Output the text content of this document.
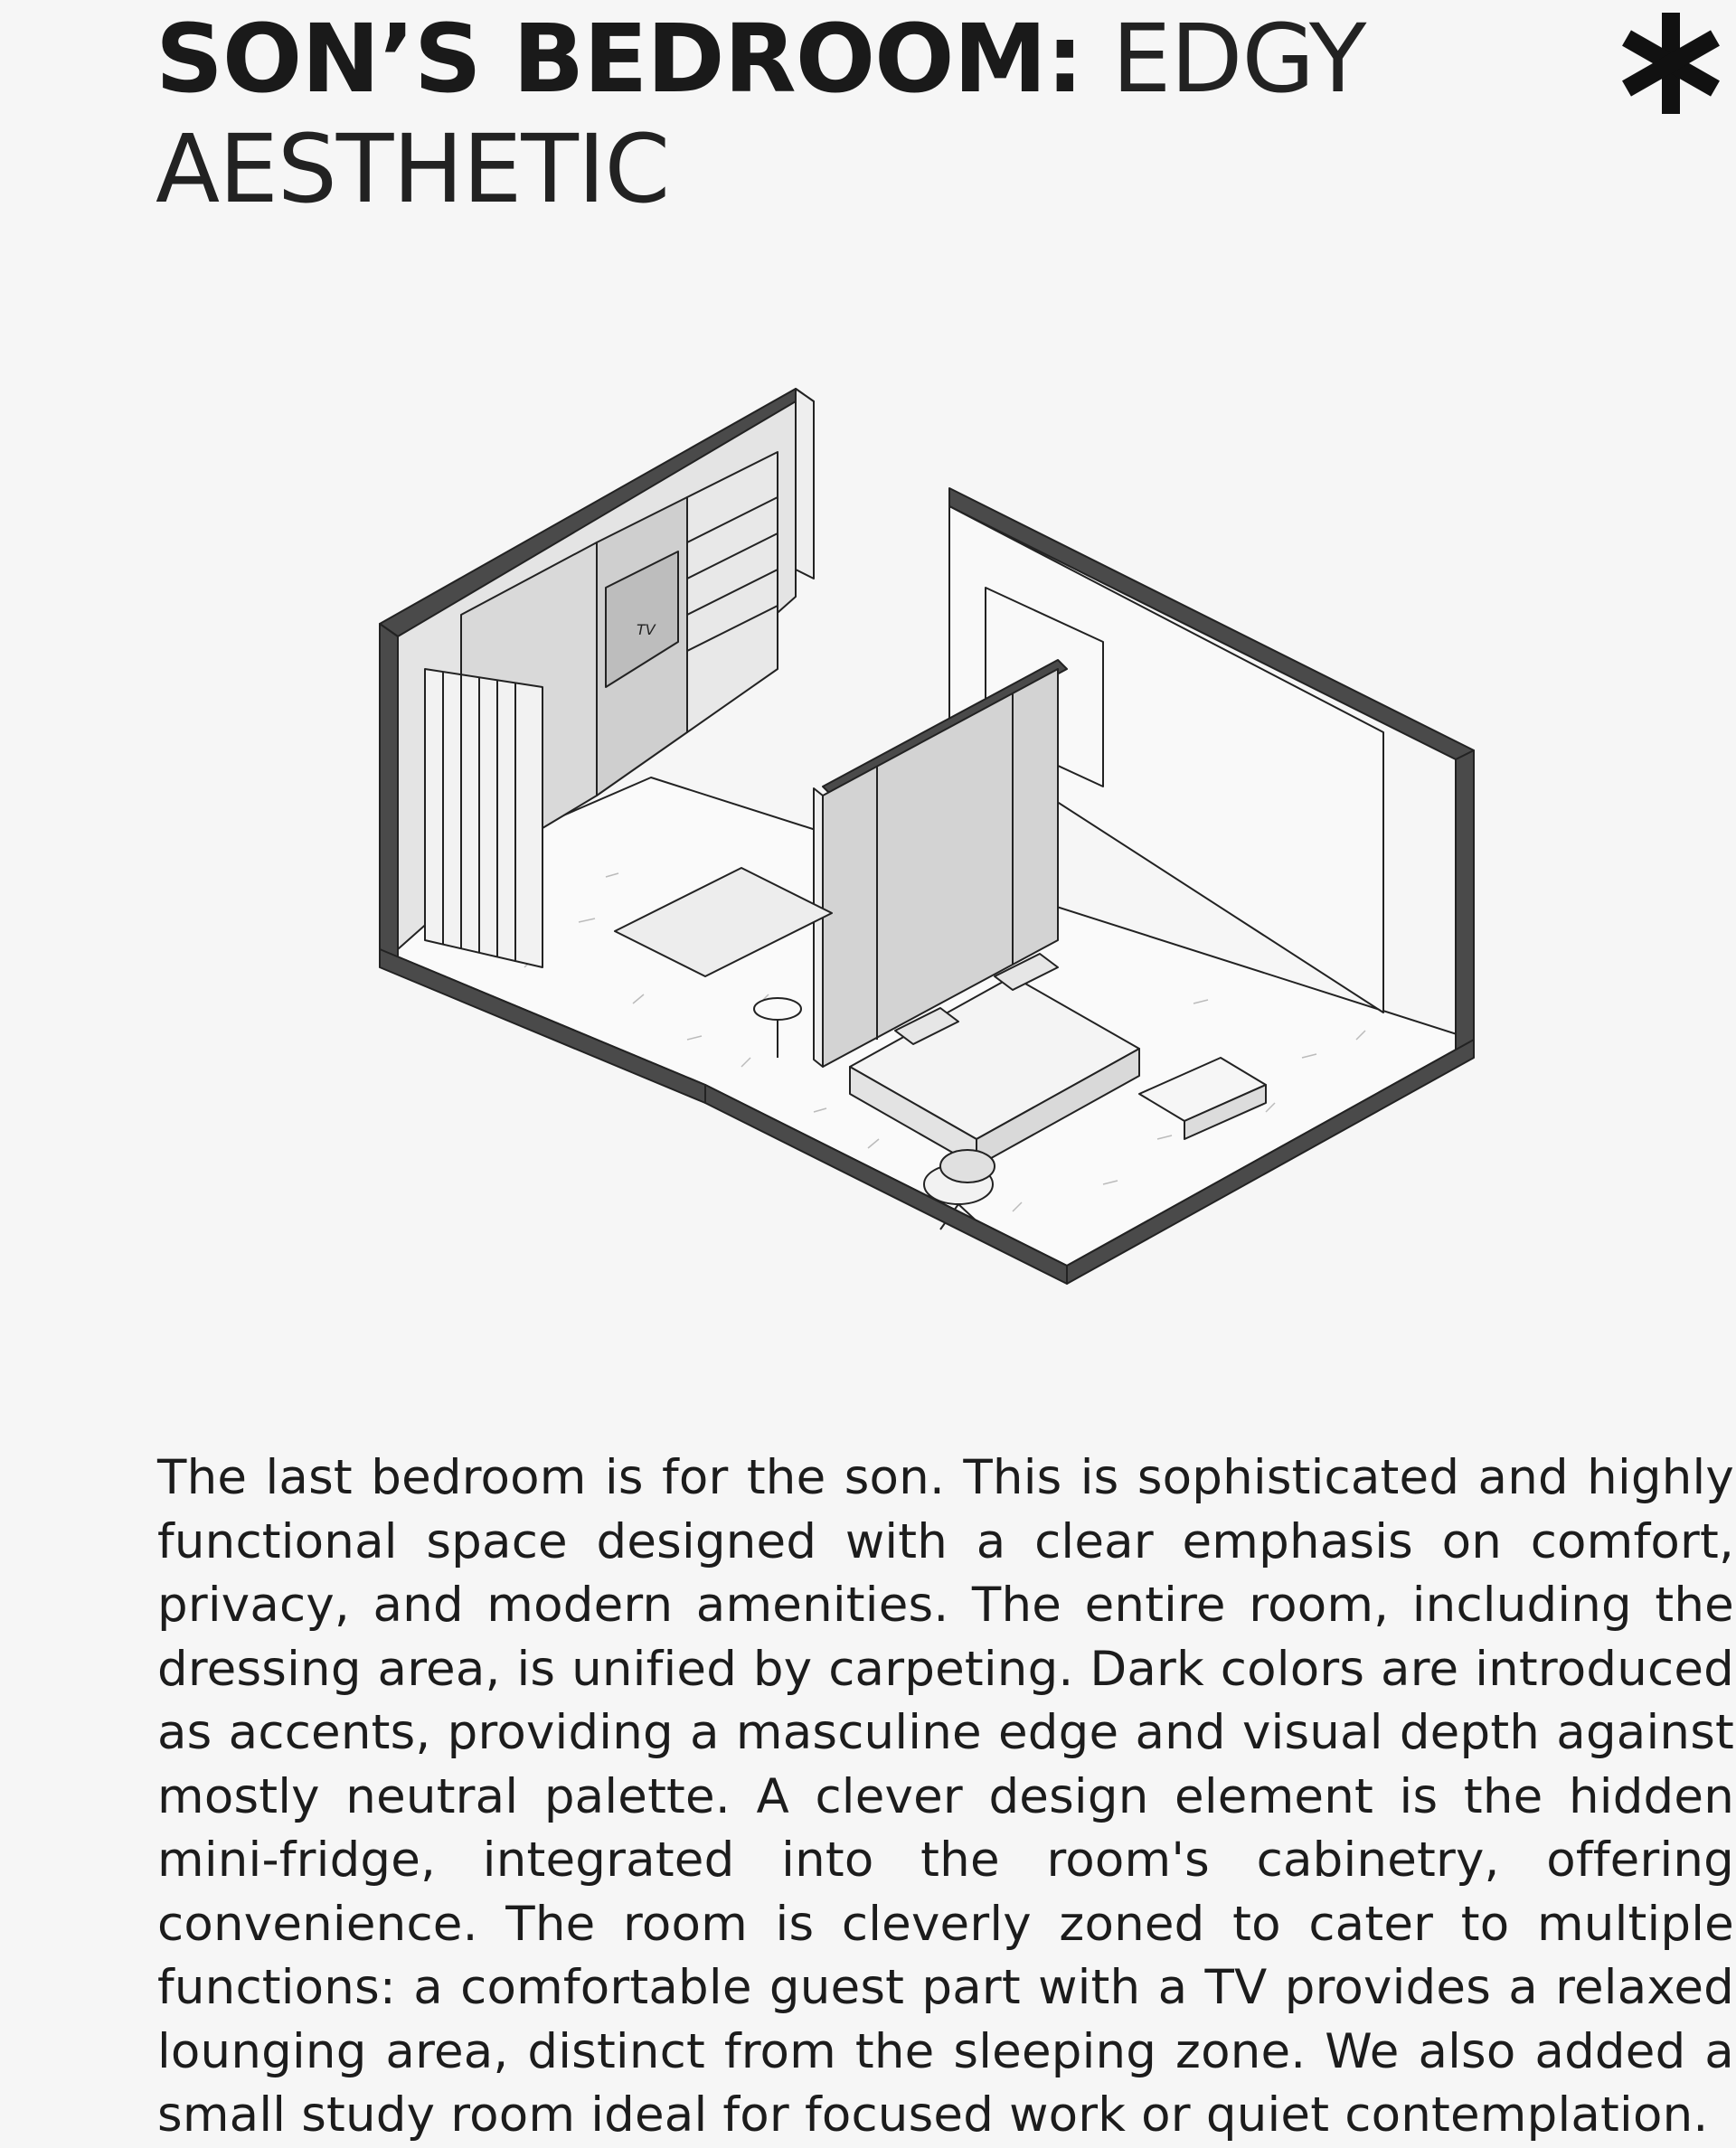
SON’S BEDROOM: EDGY AESTHETIC
TV

The last bedroom is for the son. This is sophisticated and highly functional space designed with a clear emphasis on comfort, privacy, and modern amenities. The entire room, including the dressing area, is unified by carpeting. Dark colors are introduced as accents, providing a masculine edge and visual depth against mostly neutral palette. A clever design element is the hidden mini-fridge, integrated into the room's cabinetry, offering convenience. The room is cleverly zoned to cater to multiple functions: a comfortable guest part with a TV provides a relaxed lounging area, distinct from the sleeping zone. We also added a small study room ideal for focused work or quiet contemplation.
